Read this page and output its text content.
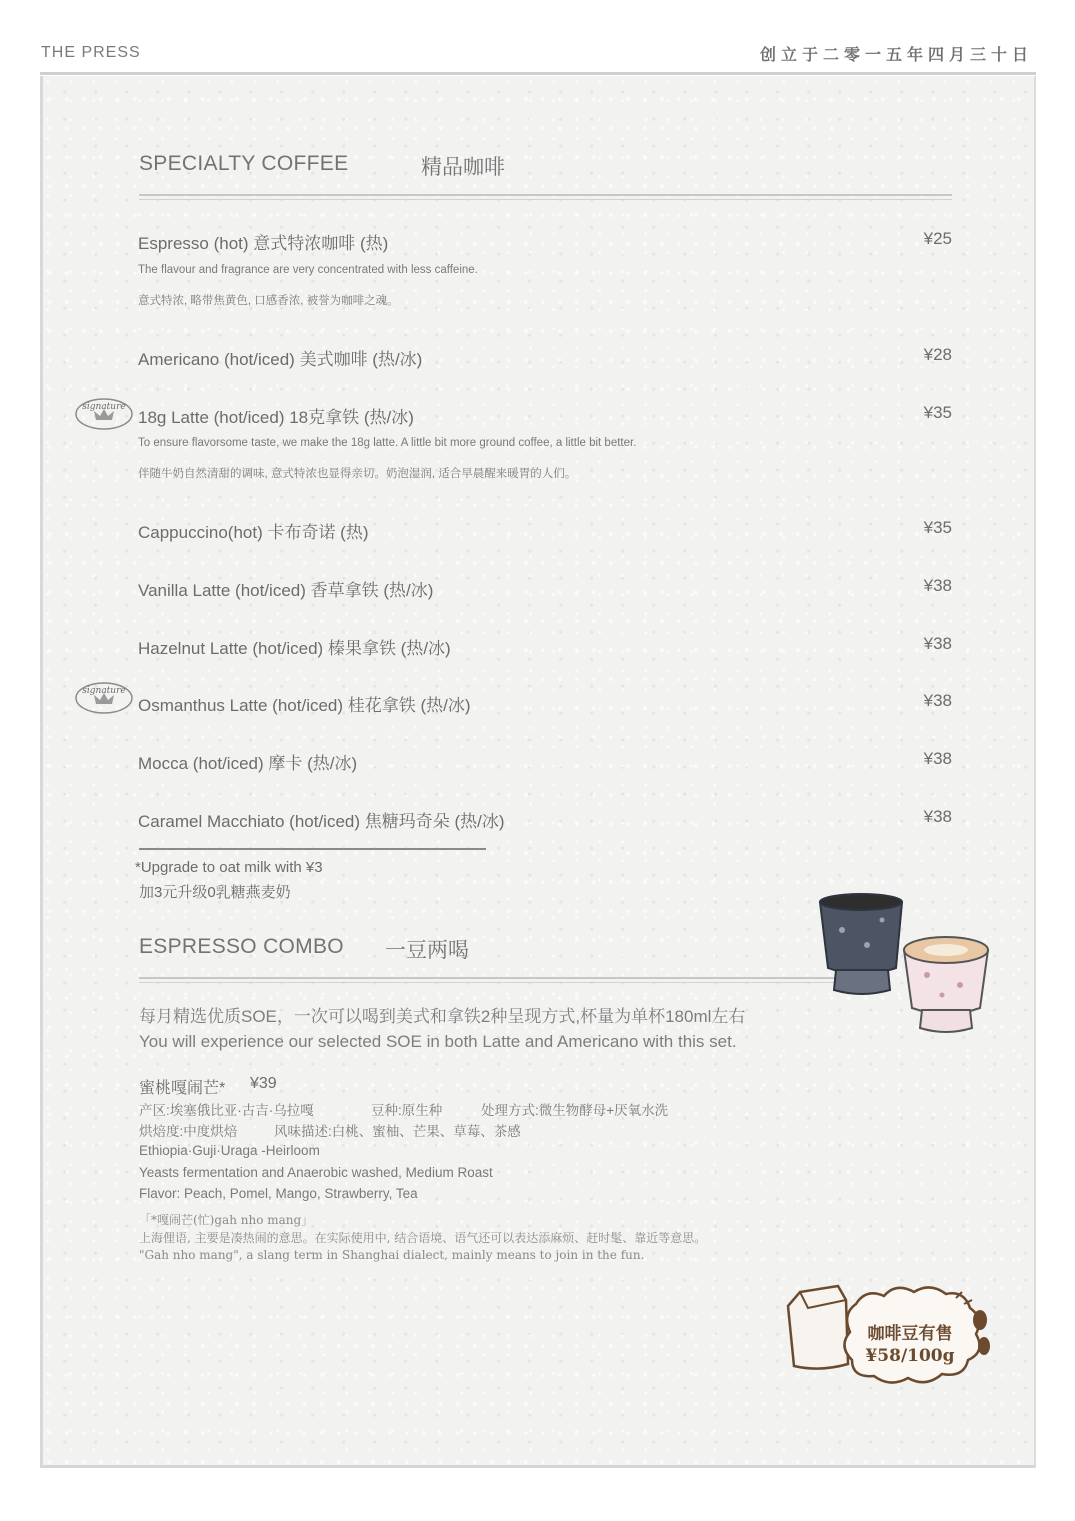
THE PRESS	创立于二零一五年四月三十日
SPECIALTY COFFEE	精品咖啡
Espresso (hot) 意式特浓咖啡 (热)	¥25
The flavour and fragrance are very concentrated with less caffeine.
意式特浓, 略带焦黄色, 口感香浓, 被誉为咖啡之魂。
Americano (hot/iced) 美式咖啡 (热/冰)	¥28
signature
18g Latte (hot/iced) 18克拿铁 (热/冰)	¥35
To ensure flavorsome taste, we make the 18g latte. A little bit more ground coffee, a little bit better.
伴随牛奶自然清甜的调味, 意式特浓也显得亲切。奶泡湿润, 适合早晨醒来暖胃的人们。
Cappuccino(hot) 卡布奇诺 (热)	¥35
Vanilla Latte (hot/iced) 香草拿铁 (热/冰)	¥38
Hazelnut Latte (hot/iced) 榛果拿铁 (热/冰)	¥38
signature
Osmanthus Latte (hot/iced) 桂花拿铁 (热/冰)	¥38
Mocca (hot/iced) 摩卡 (热/冰)	¥38
Caramel Macchiato (hot/iced) 焦糖玛奇朵 (热/冰)	¥38
*Upgrade to oat milk with ¥3
加3元升级0乳糖燕麦奶
ESPRESSO COMBO 一豆两喝
每月精选优质SOE，一次可以喝到美式和拿铁2种呈现方式,杯量为单杯180ml左右
You will experience our selected SOE in both Latte and Americano with this set.
蜜桃嘎闹芒* ¥39
产区:埃塞俄比亚·古吉·乌拉嘎	豆种:原生种	处理方式:微生物酵母+厌氧水洗
烘焙度:中度烘焙	风味描述:白桃、蜜柚、芒果、草莓、茶感
Ethiopia·Guji·Uraga -Heirloom
Yeasts fermentation and Anaerobic washed, Medium Roast
Flavor: Peach, Pomel, Mango, Strawberry, Tea
「*嘎闹芒(忙)gah nho mang」
上海俚语, 主要是凑热闹的意思。在实际使用中, 结合语境、语气还可以表达添麻烦、赶时髦、靠近等意思。
"Gah nho mang", a slang term in Shanghai dialect, mainly means to join in the fun.
咖啡豆有售
¥58/100g
